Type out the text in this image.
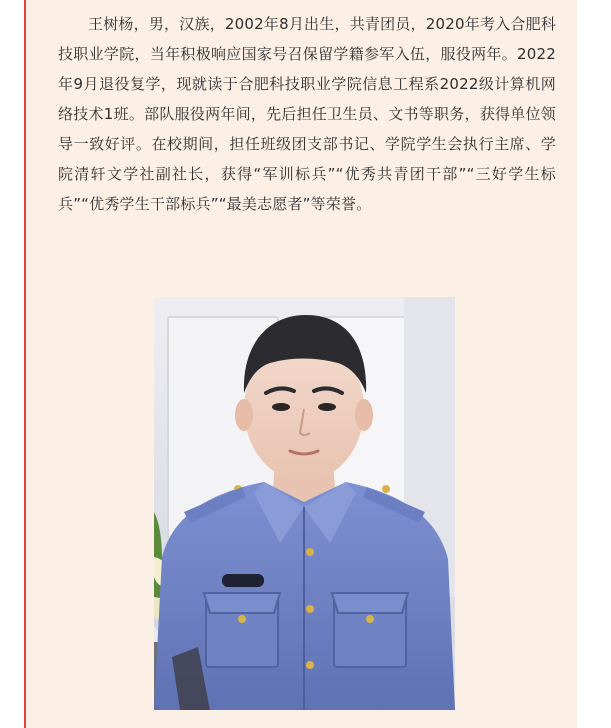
王树杨，男，汉族，2002年8月出生，共青团员，2020年考入合肥科技职业学院，当年积极响应国家号召保留学籍参军入伍，服役两年。2022年9月退役复学，现就读于合肥科技职业学院信息工程系2022级计算机网络技术1班。部队服役两年间，先后担任卫生员、文书等职务，获得单位领导一致好评。在校期间，担任班级团支部书记、学院学生会执行主席、学院清轩文学社副社长，获得“军训标兵”“优秀共青团干部”“三好学生标兵”“优秀学生干部标兵”“最美志愿者”等荣誉。
